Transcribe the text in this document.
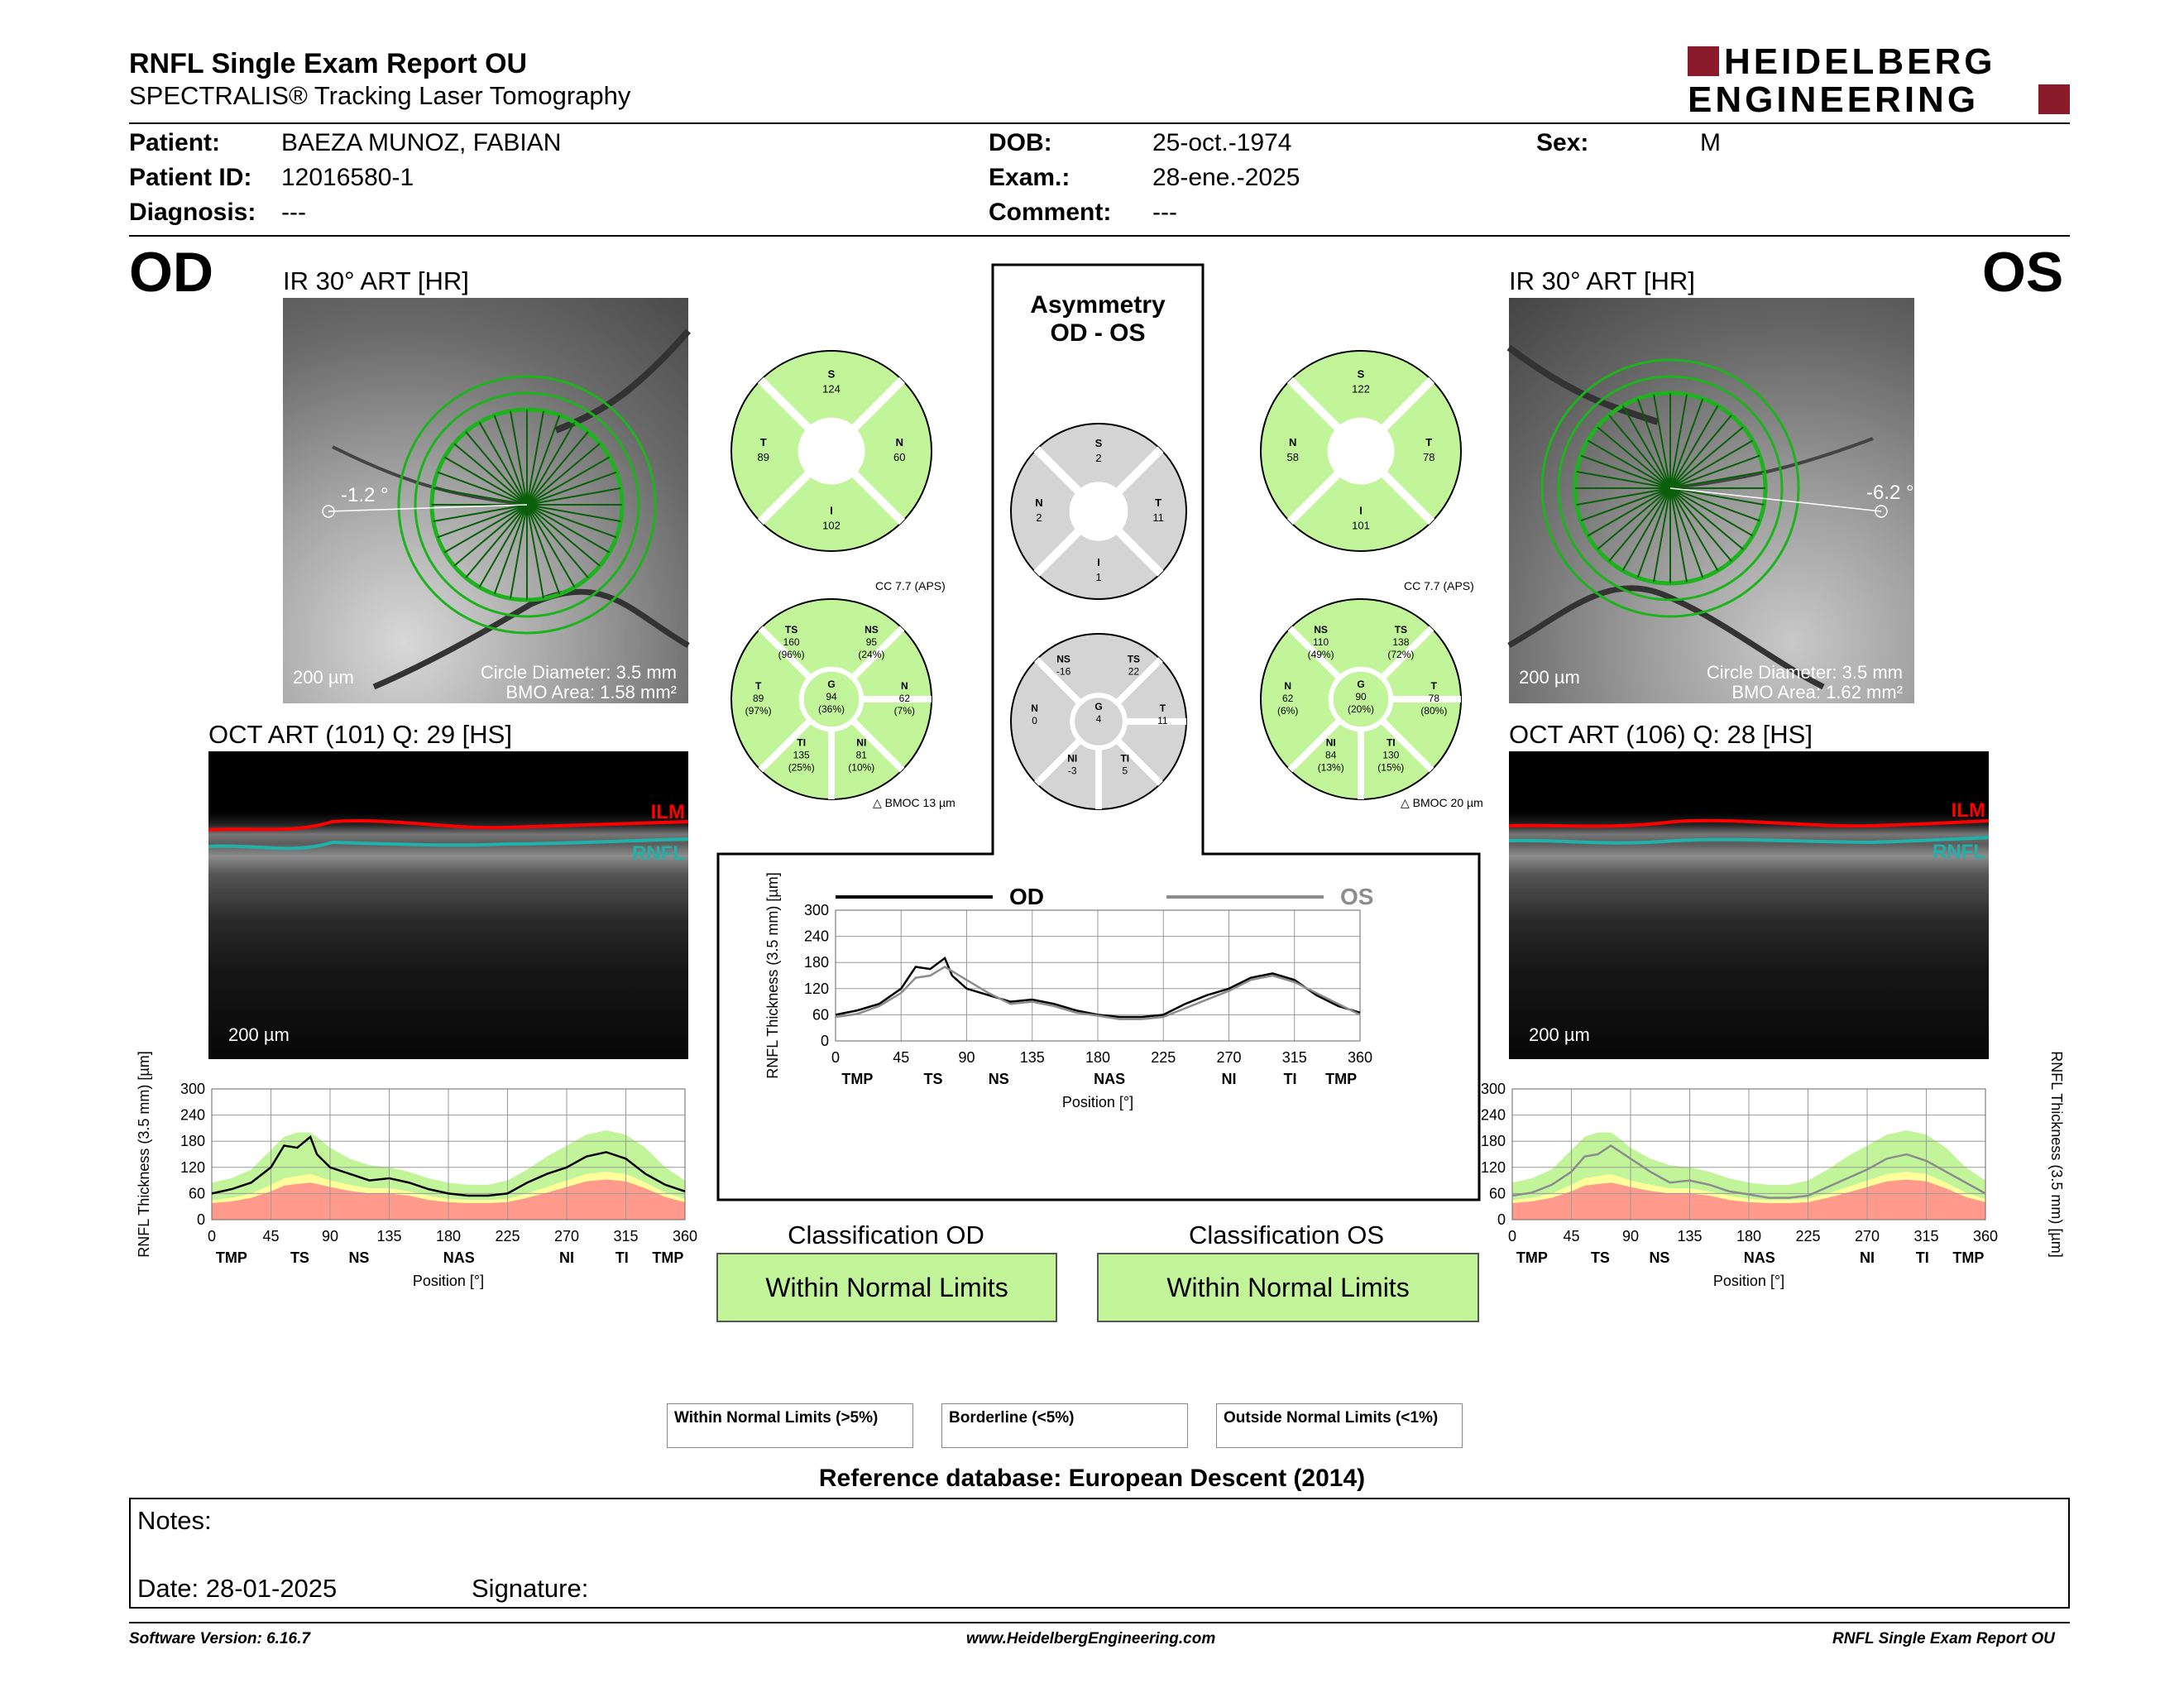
RNFL Single Exam Report OU
SPECTRALIS® Tracking Laser Tomography
HEIDELBERG
ENGINEERING
Patient: BAEZA MUNOZ, FABIAN
Patient ID: 12016580-1
Diagnosis: ---
DOB:	25-oct.-1974
Exam.:	28-ene.-2025
Comment: ---
Sex:	M
OD	IR 30° ART [HR]
-1.2 °
200 µm	Circle Diameter: 3.5 mm
BMO Area: 1.58 mm²
OCT ART (101) Q: 29 [HS]
ILM
RNFL
200 µm
0
60
120
180
240
300
0	45	90	135 180 225 270 315 360
TMP	TS	NS	NAS	NI	TI TMP
Position [°]
RNFL Thickness (3.5 mm) [µm]
OS
IR 30° ART [HR]
-6.2 °
200 µm	Circle Diameter: 3.5 mm
BMO Area: 1.62 mm²
OCT ART (106) Q: 28 [HS]
ILM
RNFL
200 µm
0
60
120
180
240
300
0	45	90	135 180 225 270 315 360
TMP	TS	NS	NAS	NI	TI TMP
Position [°]
RNFL Thickness (3.5 mm) [µm]
Asymmetry
OD - OS
S
124
T
89
N
60
I
102
S
2
N
2
T
11
I
1
S
122
N
58
T
78
I
101
CC 7.7 (APS)
TS
160
(96%)
NS
95
(24%)
T
89
(97%)
G
94
(36%)
N
62
(7%)
TI
135
(25%)
NI
81
(10%)
△ BMOC 13 µm
NS
-16
TS
22
N
0
G
4
T
11
NI
-3
TI
5
CC 7.7 (APS)
NS
110
(49%)
TS
138
(72%)
N
62
(6%)
G
90
(20%)
T
78
(80%)
NI
84
(13%)
TI
130
(15%)
△ BMOC 20 µm
0
60
120
180
240
300
0	45	90	135	180	225	270	315	360
TMP	TS	NS	NAS	NI	TI TMP
Position [°]
RNFL Thickness (3.5 mm) [µm]	OD	OS
Classification OD
Within Normal Limits
Classification OS
Within Normal Limits
Within Normal Limits (>5%)	Borderline (<5%)	Outside Normal Limits (<1%)
Reference database: European Descent (2014)
Notes:
Date: 28-01-2025	Signature:
Software Version: 6.16.7	www.HeidelbergEngineering.com	RNFL Single Exam Report OU
